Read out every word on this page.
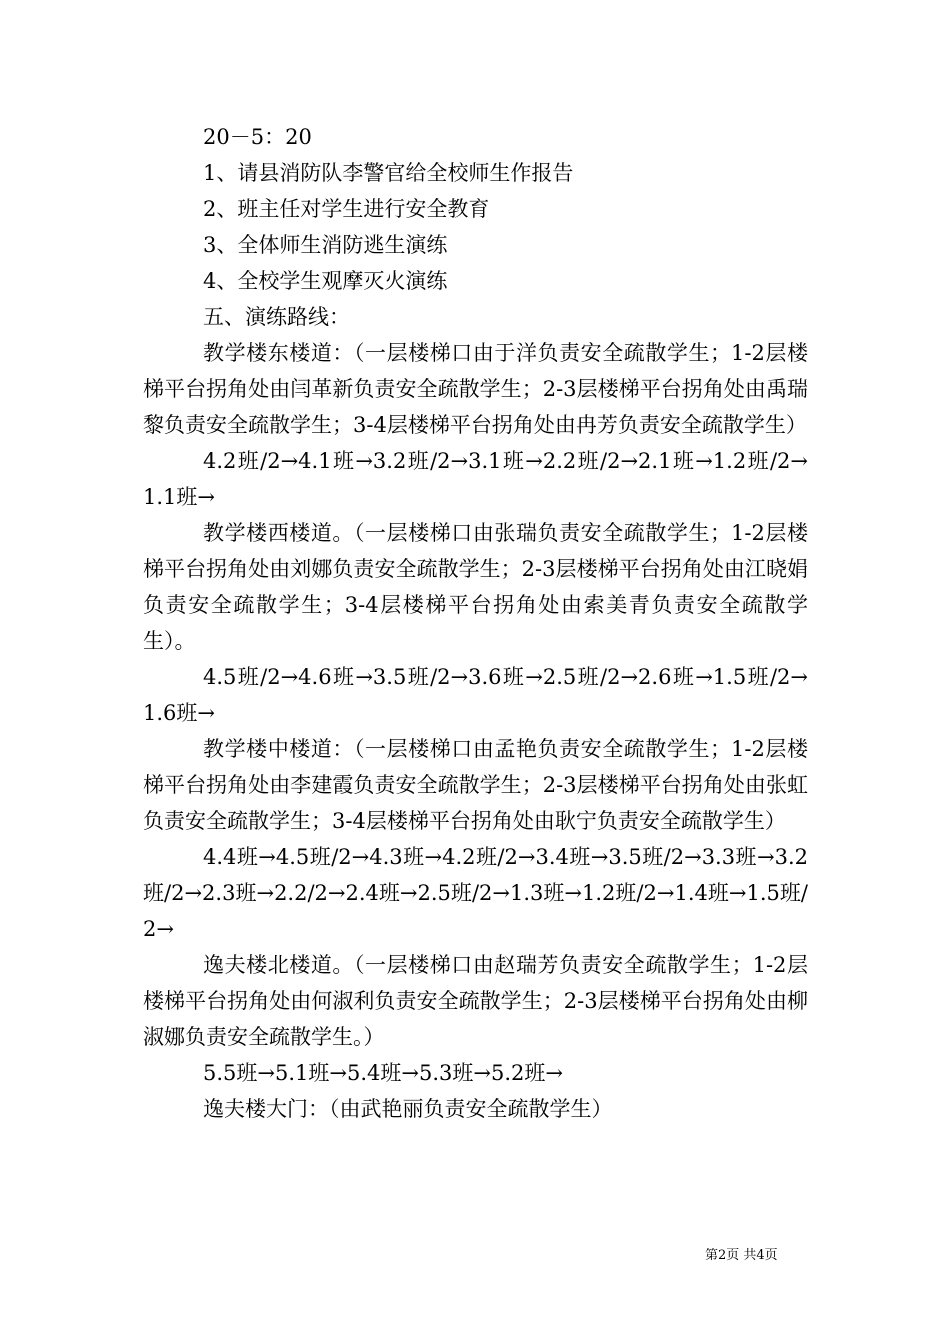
20－5：20

1、请县消防队李警官给全校师生作报告

2、班主任对学生进行安全教育

3、全体师生消防逃生演练

4、全校学生观摩灭火演练

五、演练路线：

教学楼东楼道：（一层楼梯口由于洋负责安全疏散学生；1-2层楼梯平台拐角处由闫革新负责安全疏散学生；2-3层楼梯平台拐角处由禹瑞黎负责安全疏散学生；3-4层楼梯平台拐角处由冉芳负责安全疏散学生）

4.2班/2→4.1班→3.2班/2→3.1班→2.2班/2→2.1班→1.2班/2→1.1班→

教学楼西楼道。（一层楼梯口由张瑞负责安全疏散学生；1-2层楼梯平台拐角处由刘娜负责安全疏散学生；2-3层楼梯平台拐角处由江晓娟负责安全疏散学生；3-4层楼梯平台拐角处由索美青负责安全疏散学生）。

4.5班/2→4.6班→3.5班/2→3.6班→2.5班/2→2.6班→1.5班/2→1.6班→

教学楼中楼道：（一层楼梯口由孟艳负责安全疏散学生；1-2层楼梯平台拐角处由李建霞负责安全疏散学生；2-3层楼梯平台拐角处由张虹负责安全疏散学生；3-4层楼梯平台拐角处由耿宁负责安全疏散学生）

4.4班→4.5班/2→4.3班→4.2班/2→3.4班→3.5班/2→3.3班→3.2班/2→2.3班→2.2/2→2.4班→2.5班/2→1.3班→1.2班/2→1.4班→1.5班/2→

逸夫楼北楼道。（一层楼梯口由赵瑞芳负责安全疏散学生；1-2层楼梯平台拐角处由何淑利负责安全疏散学生；2-3层楼梯平台拐角处由柳淑娜负责安全疏散学生。）

5.5班→5.1班→5.4班→5.3班→5.2班→

逸夫楼大门：（由武艳丽负责安全疏散学生）

第2页 共4页
